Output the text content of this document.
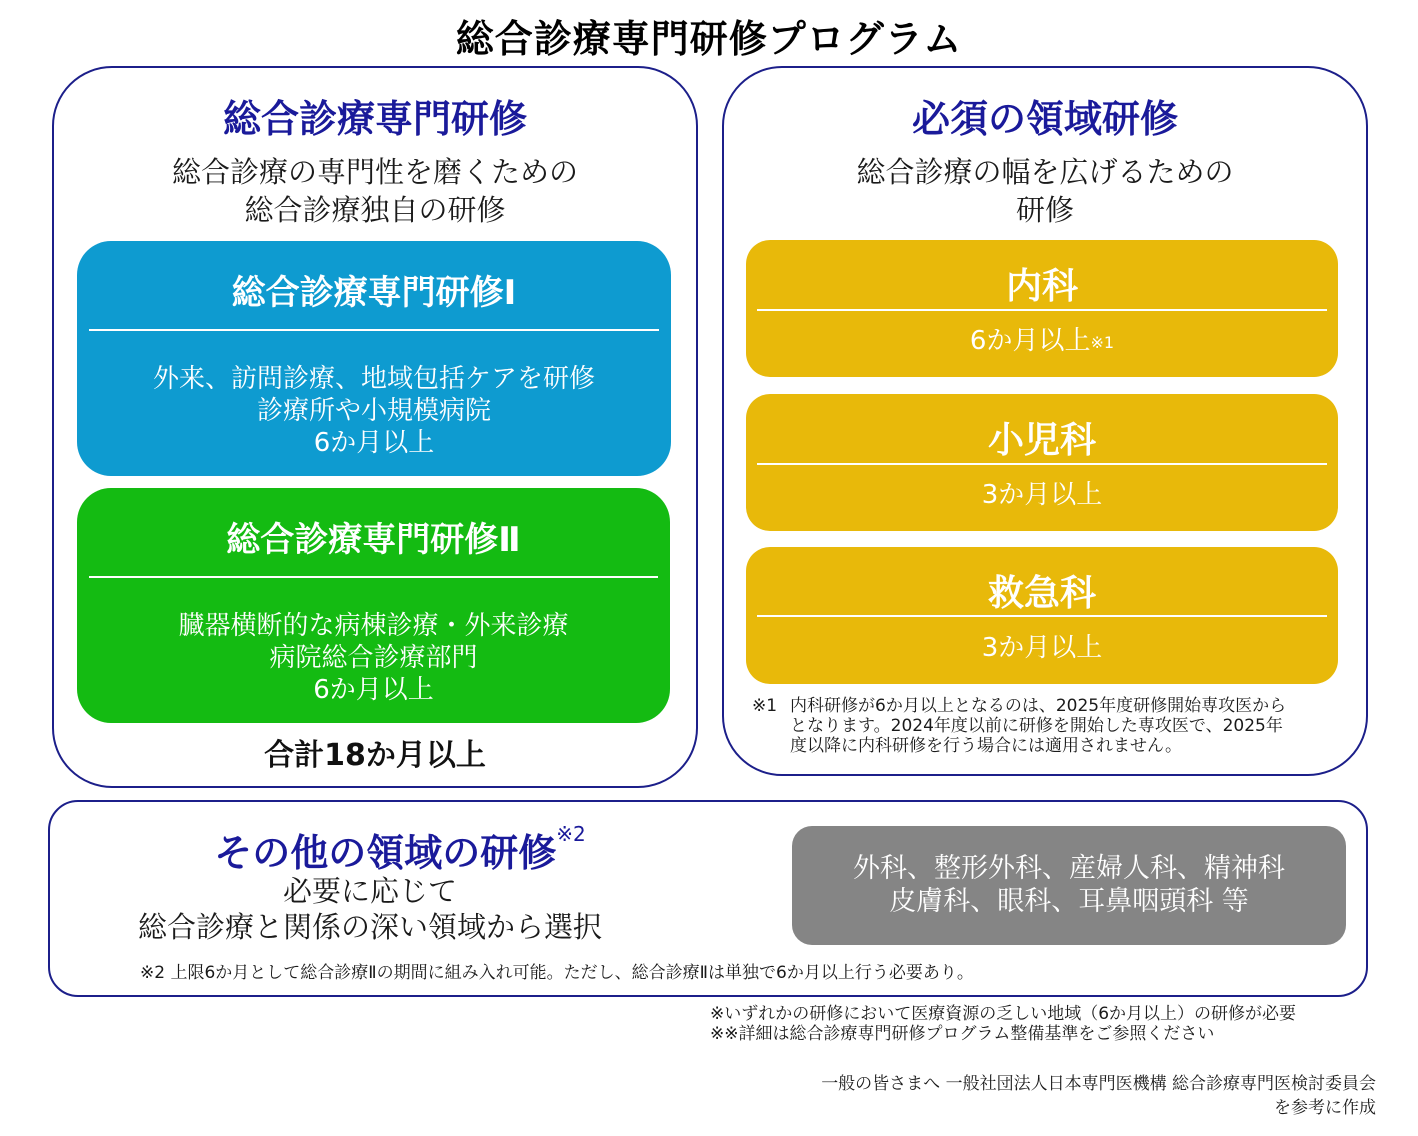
総合診療専門研修プログラム
総合診療専門研修
総合診療の専門性を磨くための
総合診療独自の研修
総合診療専門研修Ⅰ
外来、訪問診療、地域包括ケアを研修
診療所や小規模病院
6か月以上
総合診療専門研修Ⅱ
臓器横断的な病棟診療・外来診療
病院総合診療部門
6か月以上
合計18か月以上
必須の領域研修
総合診療の幅を広げるための
研修
内科
6か月以上$^{※1}$
小児科
3か月以上
救急科
3か月以上
※1 内科研修が6か月以上となるのは、2025年度研修開始専攻医から
となります。2024年度以前に研修を開始した専攻医で、2025年
度以降に内科研修を行う場合には適用されません。
その他の領域の研修※2
必要に応じて
総合診療と関係の深い領域から選択
外科、整形外科、産婦人科、精神科
皮膚科、眼科、耳鼻咽頭科 等
※2 上限6か月として総合診療Ⅱの期間に組み入れ可能。ただし、総合診療Ⅱは単独で6か月以上行う必要あり。
※いずれかの研修において医療資源の乏しい地域（6か月以上）の研修が必要
※※詳細は総合診療専門研修プログラム整備基準をご参照ください
一般の皆さまへ 一般社団法人日本専門医機構 総合診療専門医検討委員会
を参考に作成
